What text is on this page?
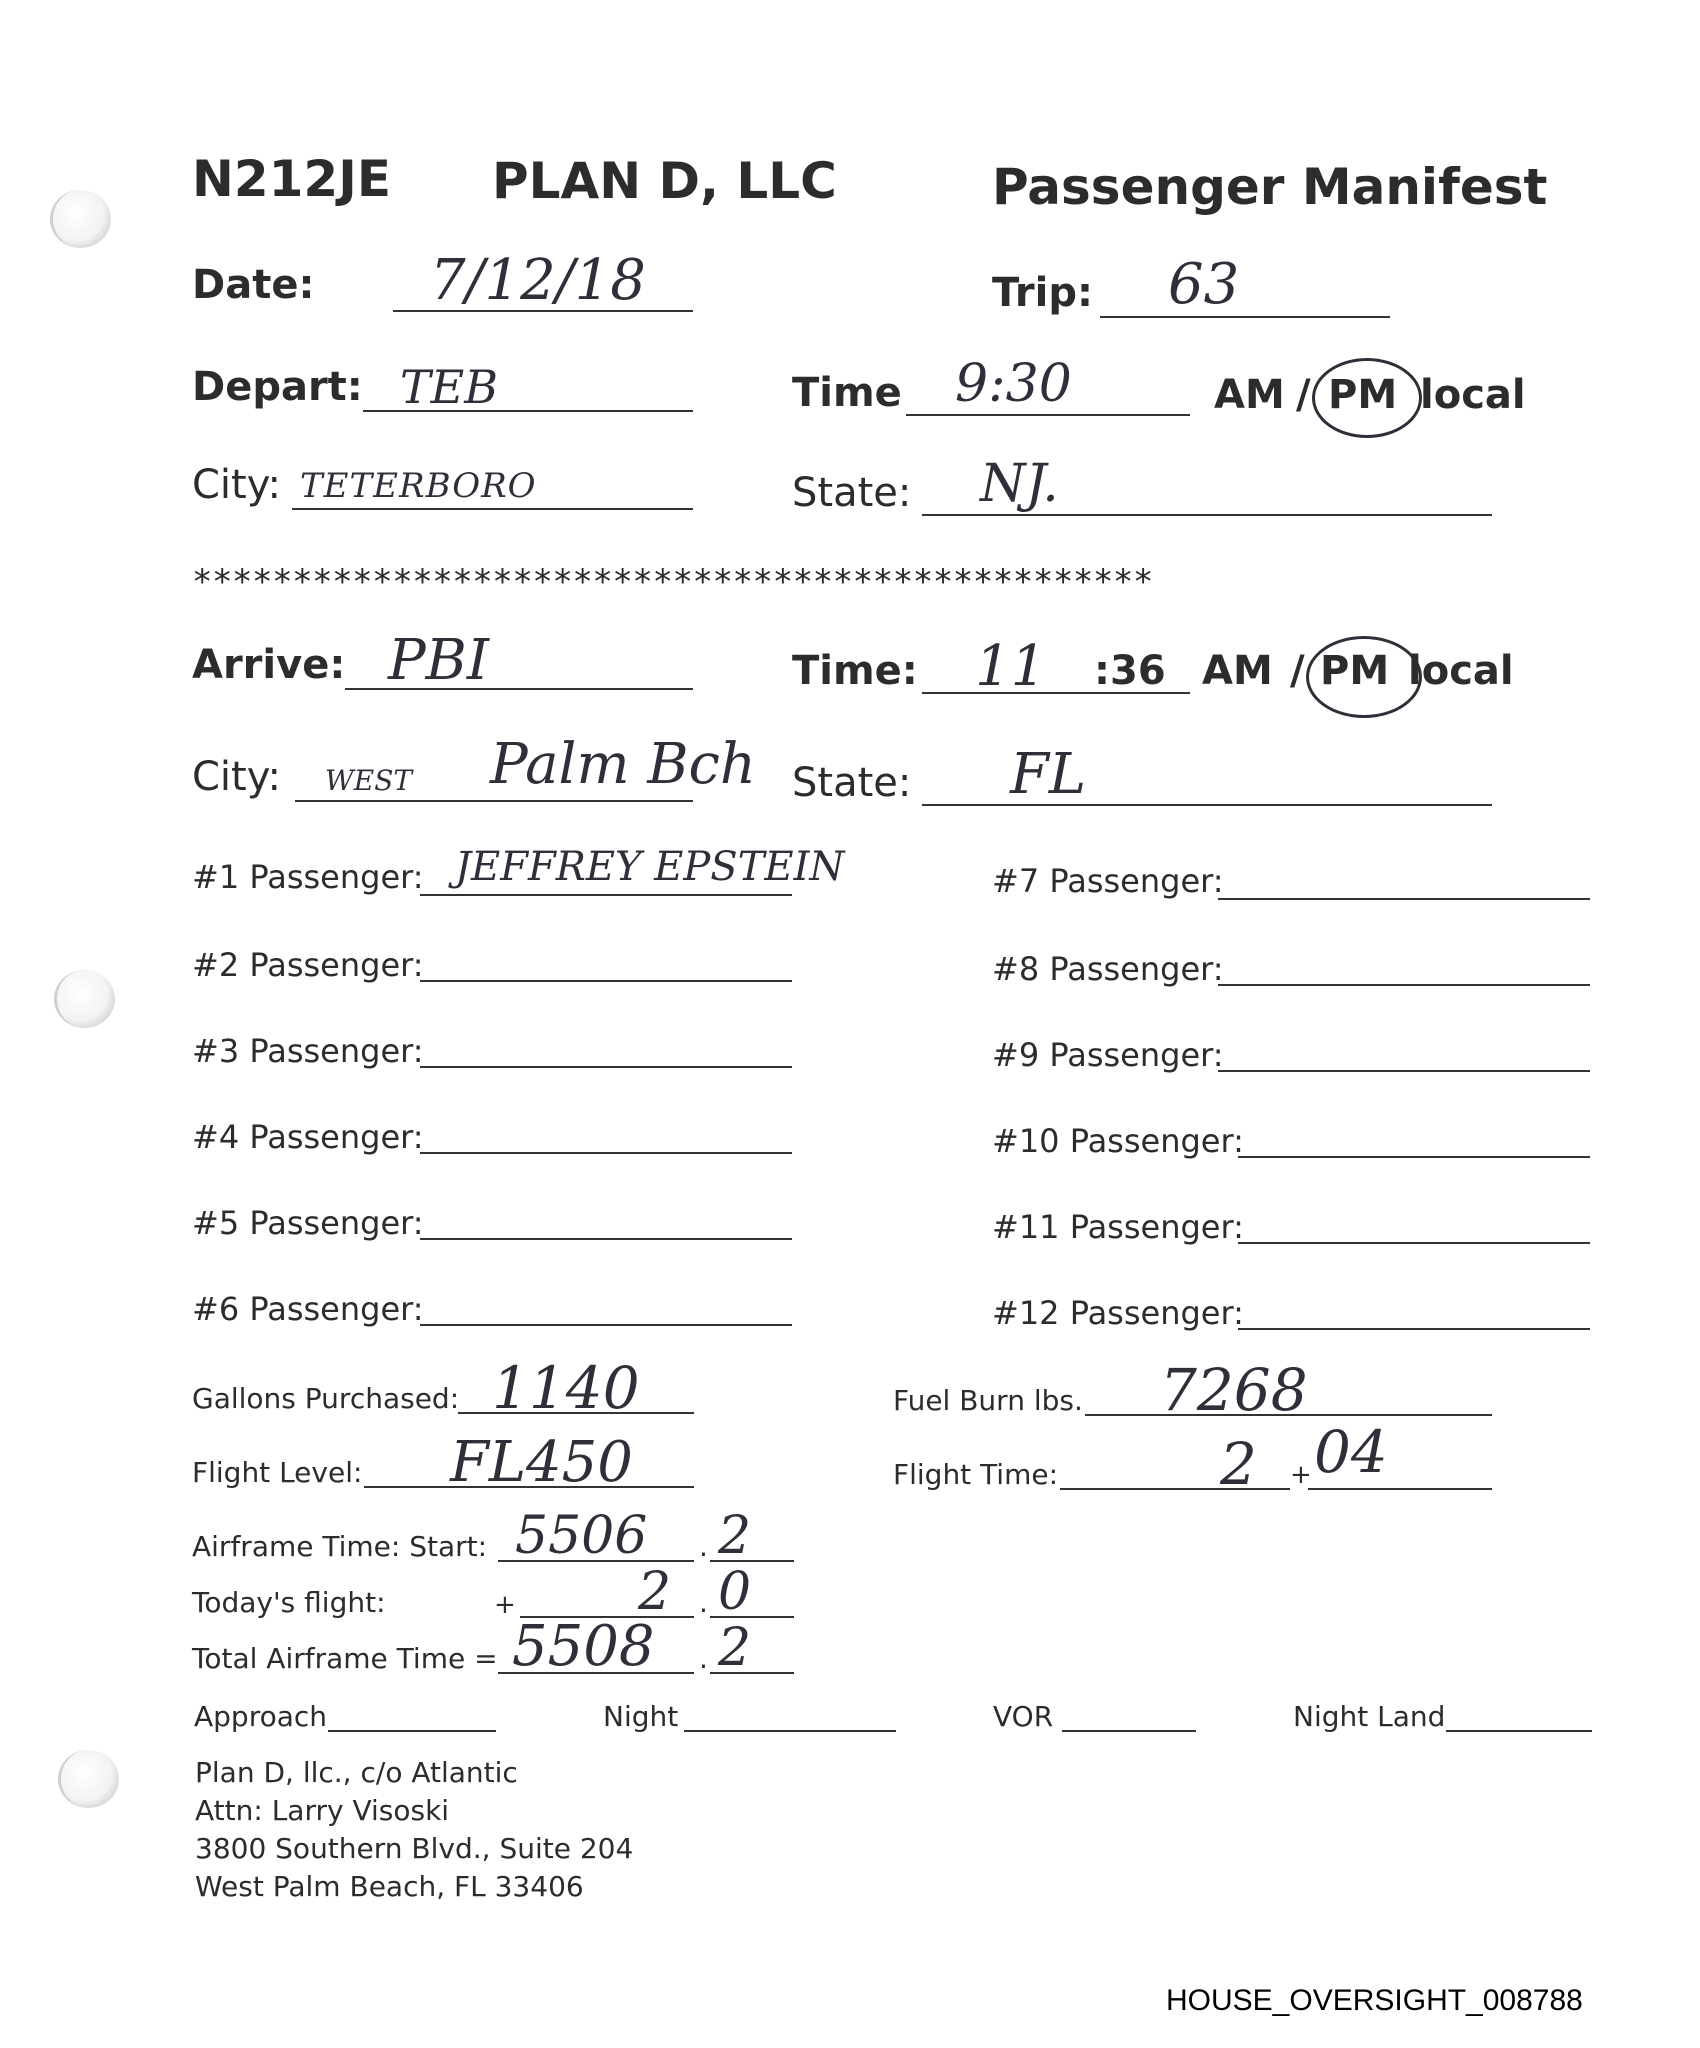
N212JE PLAN D, LLC	Passenger Manifest
Date: 7/12/18	Trip: 63
Depart: TEB	Time 9:30	AM / PM local
City: TETERBORO	State: NJ.
************************************************
Arrive: PBI	Time: 11 :36 AM / PM local
City: WEST Palm Bch State: FL
#1 Passenger: JEFFREY EPSTEIN
#2 Passenger:
#3 Passenger:
#4 Passenger:
#5 Passenger:
#6 Passenger:
#7 Passenger:
#8 Passenger:
#9 Passenger:
#10 Passenger:
#11 Passenger:
#12 Passenger:
Gallons Purchased: 1140	Fuel Burn lbs. 7268
Flight Level: FL450	Flight Time:	2 + 04
Airframe Time: Start: 5506 . 2
Today's flight:	+ 2 . 0
Total Airframe Time = 5508 . 2
Approach	Night	VOR	Night Land
Plan D, llc., c/o Atlantic
Attn: Larry Visoski
3800 Southern Blvd., Suite 204
West Palm Beach, FL 33406
HOUSE_OVERSIGHT_008788
